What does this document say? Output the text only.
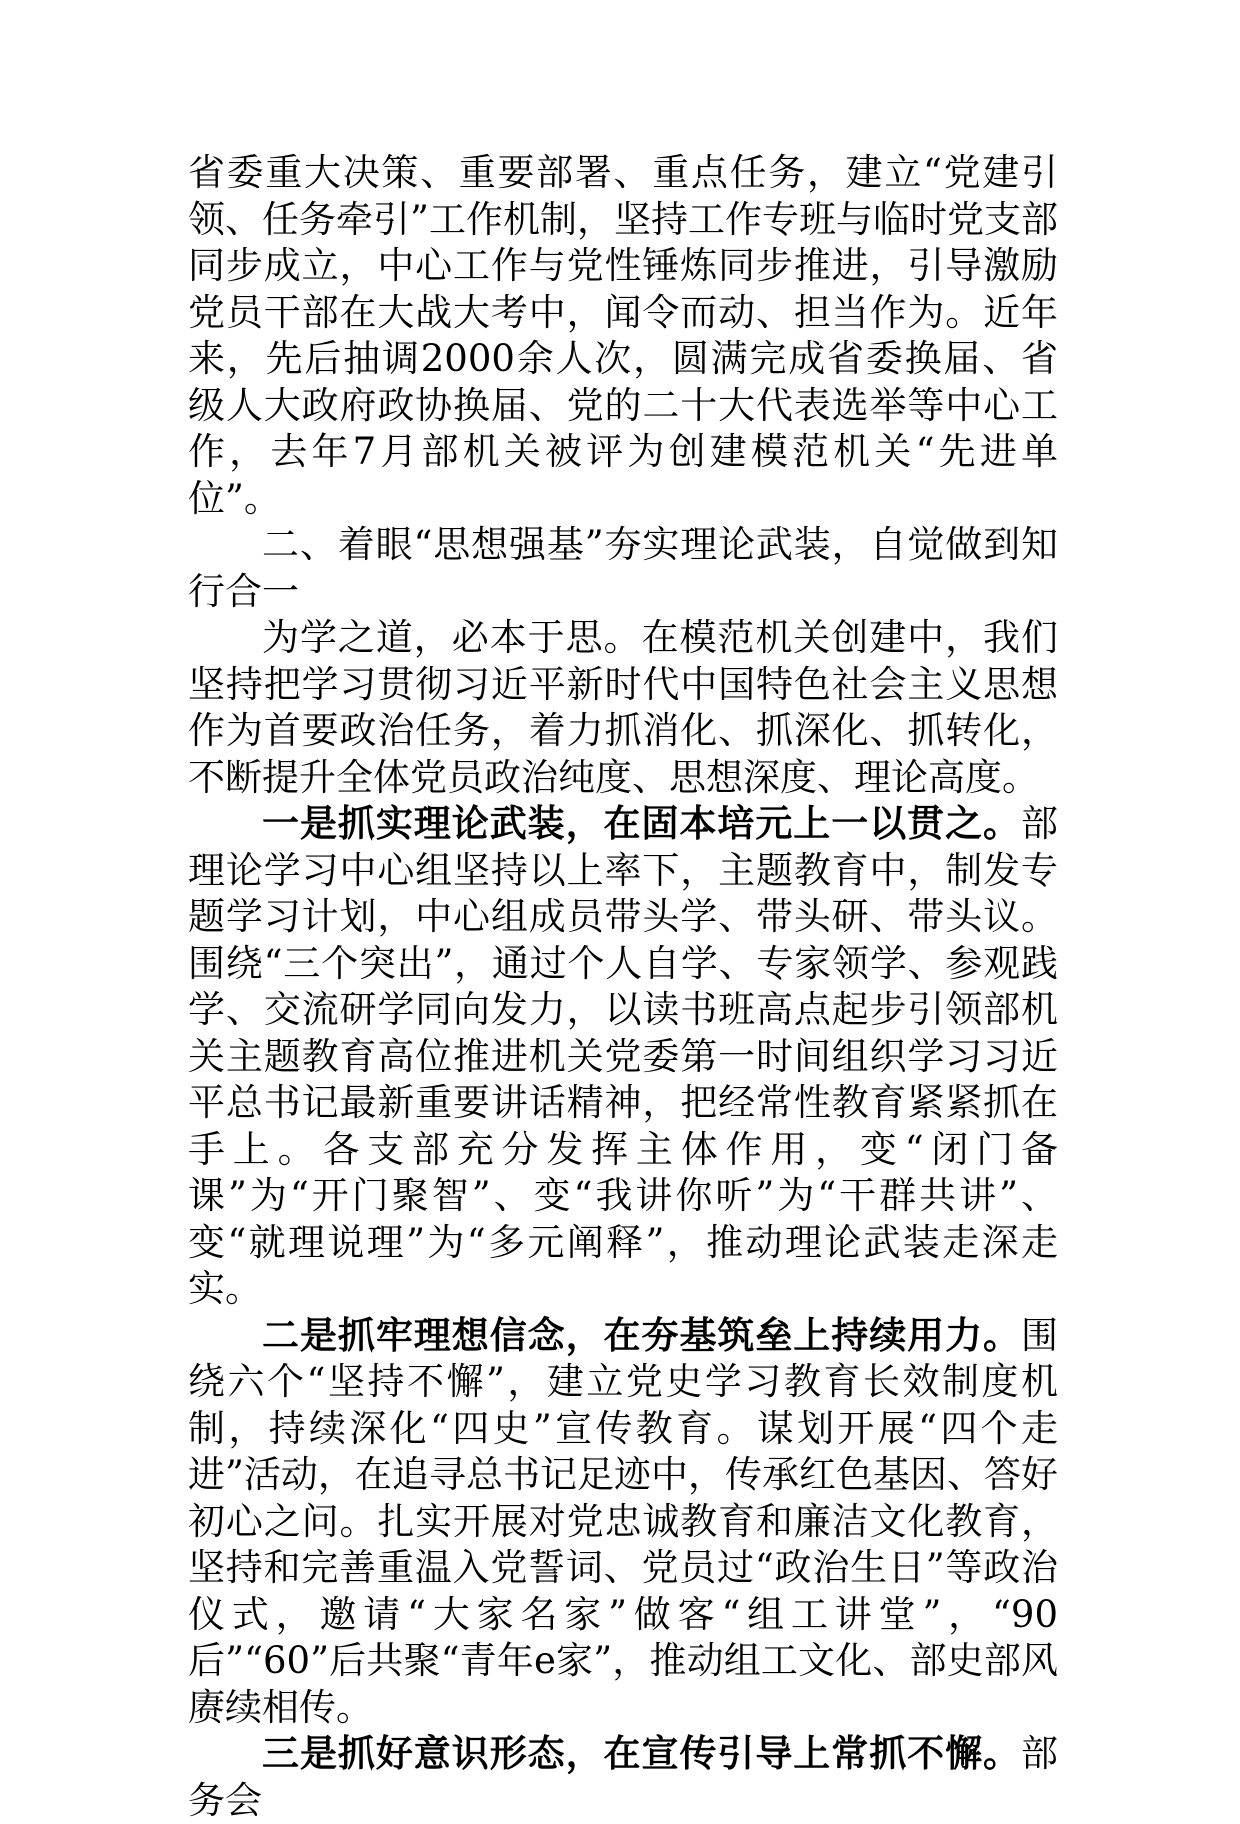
省委重大决策、重要部署、重点任务，建立“党建引领、任务牵引”工作机制，坚持工作专班与临时党支部同步成立，中心工作与党性锤炼同步推进，引导激励党员干部在大战大考中，闻令而动、担当作为。近年来，先后抽调2000余人次，圆满完成省委换届、省级人大政府政协换届、党的二十大代表选举等中心工作，去年7月部机关被评为创建模范机关“先进单位”。

二、着眼“思想强基”夯实理论武装，自觉做到知行合一

为学之道，必本于思。在模范机关创建中，我们坚持把学习贯彻习近平新时代中国特色社会主义思想作为首要政治任务，着力抓消化、抓深化、抓转化，不断提升全体党员政治纯度、思想深度、理论高度。

一是抓实理论武装，在固本培元上一以贯之。部理论学习中心组坚持以上率下，主题教育中，制发专题学习计划，中心组成员带头学、带头研、带头议。围绕“三个突出”，通过个人自学、专家领学、参观践学、交流研学同向发力，以读书班高点起步引领部机关主题教育高位推进机关党委第一时间组织学习习近平总书记最新重要讲话精神，把经常性教育紧紧抓在手上。各支部充分发挥主体作用，变“闭门备课”为“开门聚智”、变“我讲你听”为“干群共讲”、变“就理说理”为“多元阐释”，推动理论武装走深走实。

二是抓牢理想信念，在夯基筑垒上持续用力。围绕六个“坚持不懈”，建立党史学习教育长效制度机制，持续深化“四史”宣传教育。谋划开展“四个走进”活动，在追寻总书记足迹中，传承红色基因、答好初心之问。扎实开展对党忠诚教育和廉洁文化教育，坚持和完善重温入党誓词、党员过“政治生日”等政治仪式，邀请“大家名家”做客“组工讲堂”，“90后”“60”后共聚“青年e家”，推动组工文化、部史部风赓续相传。

三是抓好意识形态，在宣传引导上常抓不懈。部务会
